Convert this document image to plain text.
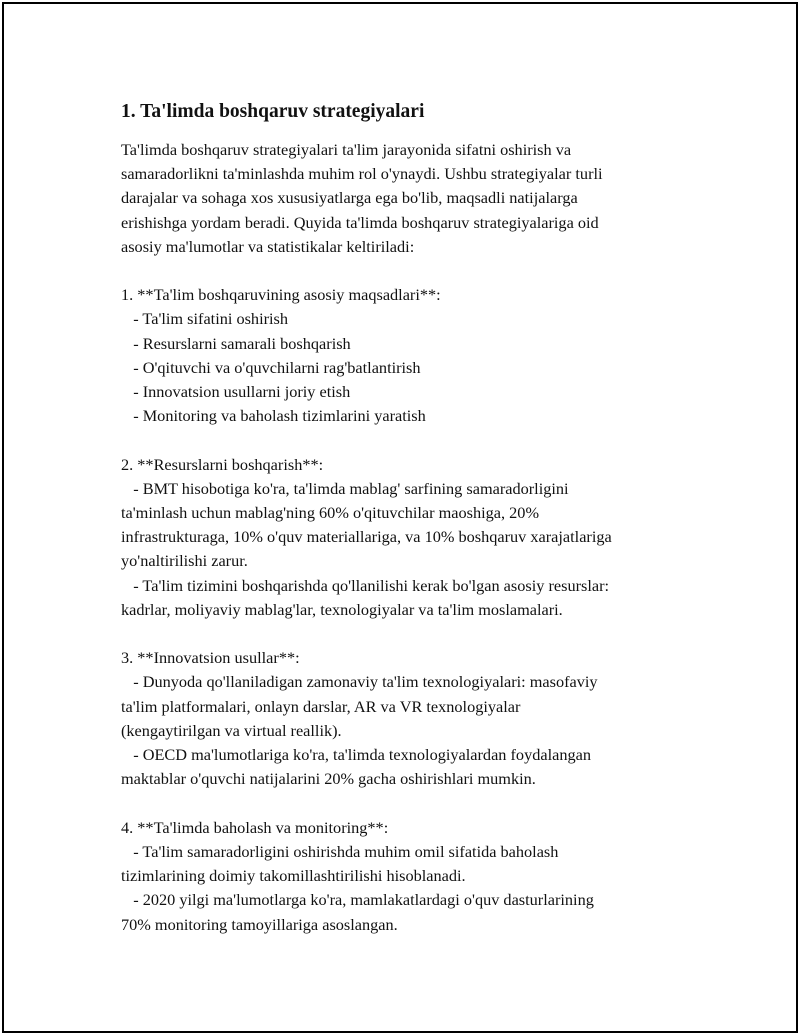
1. Ta'limda boshqaruv strategiyalari
Ta'limda boshqaruv strategiyalari ta'lim jarayonida sifatni oshirish va
samaradorlikni ta'minlashda muhim rol o'ynaydi. Ushbu strategiyalar turli
darajalar va sohaga xos xususiyatlarga ega bo'lib, maqsadli natijalarga
erishishga yordam beradi. Quyida ta'limda boshqaruv strategiyalariga oid
asosiy ma'lumotlar va statistikalar keltiriladi:

1. **Ta'lim boshqaruvining asosiy maqsadlari**:
- Ta'lim sifatini oshirish
- Resurslarni samarali boshqarish
- O'qituvchi va o'quvchilarni rag'batlantirish
- Innovatsion usullarni joriy etish
- Monitoring va baholash tizimlarini yaratish

2. **Resurslarni boshqarish**:
- BMT hisobotiga ko'ra, ta'limda mablag' sarfining samaradorligini
ta'minlash uchun mablag'ning 60% o'qituvchilar maoshiga, 20%
infrastrukturaga, 10% o'quv materiallariga, va 10% boshqaruv xarajatlariga
yo'naltirilishi zarur.
- Ta'lim tizimini boshqarishda qo'llanilishi kerak bo'lgan asosiy resurslar:
kadrlar, moliyaviy mablag'lar, texnologiyalar va ta'lim moslamalari.

3. **Innovatsion usullar**:
- Dunyoda qo'llaniladigan zamonaviy ta'lim texnologiyalari: masofaviy
ta'lim platformalari, onlayn darslar, AR va VR texnologiyalar
(kengaytirilgan va virtual reallik).
- OECD ma'lumotlariga ko'ra, ta'limda texnologiyalardan foydalangan
maktablar o'quvchi natijalarini 20% gacha oshirishlari mumkin.

4. **Ta'limda baholash va monitoring**:
- Ta'lim samaradorligini oshirishda muhim omil sifatida baholash
tizimlarining doimiy takomillashtirilishi hisoblanadi.
- 2020 yilgi ma'lumotlarga ko'ra, mamlakatlardagi o'quv dasturlarining
70% monitoring tamoyillariga asoslangan.
